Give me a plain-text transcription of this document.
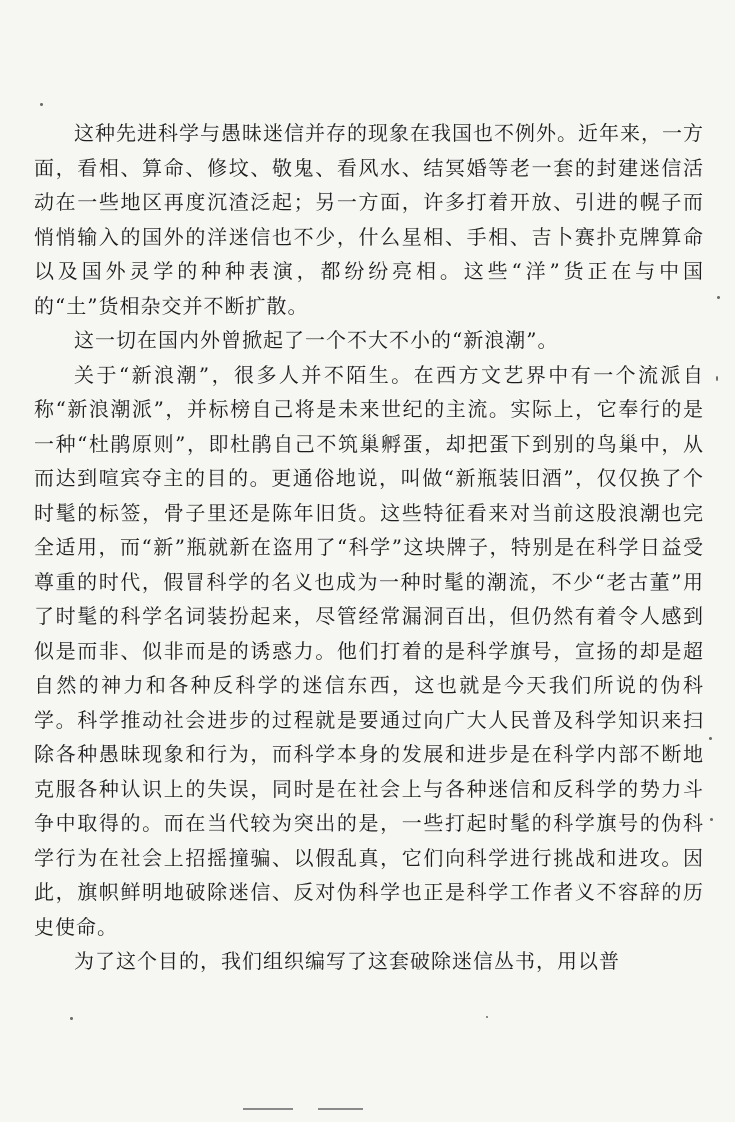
这种先进科学与愚昧迷信并存的现象在我国也不例外。近年来，一方面，看相、算命、修坟、敬鬼、看风水、结冥婚等老一套的封建迷信活动在一些地区再度沉渣泛起；另一方面，许多打着开放、引进的幌子而悄悄输入的国外的洋迷信也不少，什么星相、手相、吉卜赛扑克牌算命以及国外灵学的种种表演，都纷纷亮相。这些“洋”货正在与中国的“土”货相杂交并不断扩散。

这一切在国内外曾掀起了一个不大不小的“新浪潮”。

关于“新浪潮”，很多人并不陌生。在西方文艺界中有一个流派自称“新浪潮派”，并标榜自己将是未来世纪的主流。实际上，它奉行的是一种“杜鹃原则”，即杜鹃自己不筑巢孵蛋，却把蛋下到别的鸟巢中，从而达到喧宾夺主的目的。更通俗地说，叫做“新瓶装旧酒”，仅仅换了个时髦的标签，骨子里还是陈年旧货。这些特征看来对当前这股浪潮也完全适用，而“新”瓶就新在盗用了“科学”这块牌子，特别是在科学日益受尊重的时代，假冒科学的名义也成为一种时髦的潮流，不少“老古董”用了时髦的科学名词装扮起来，尽管经常漏洞百出，但仍然有着令人感到似是而非、似非而是的诱惑力。他们打着的是科学旗号，宣扬的却是超自然的神力和各种反科学的迷信东西，这也就是今天我们所说的伪科学。科学推动社会进步的过程就是要通过向广大人民普及科学知识来扫除各种愚昧现象和行为，而科学本身的发展和进步是在科学内部不断地克服各种认识上的失误，同时是在社会上与各种迷信和反科学的势力斗争中取得的。而在当代较为突出的是，一些打起时髦的科学旗号的伪科学行为在社会上招摇撞骗、以假乱真，它们向科学进行挑战和进攻。因此，旗帜鲜明地破除迷信、反对伪科学也正是科学工作者义不容辞的历史使命。

为了这个目的，我们组织编写了这套破除迷信丛书，用以普
